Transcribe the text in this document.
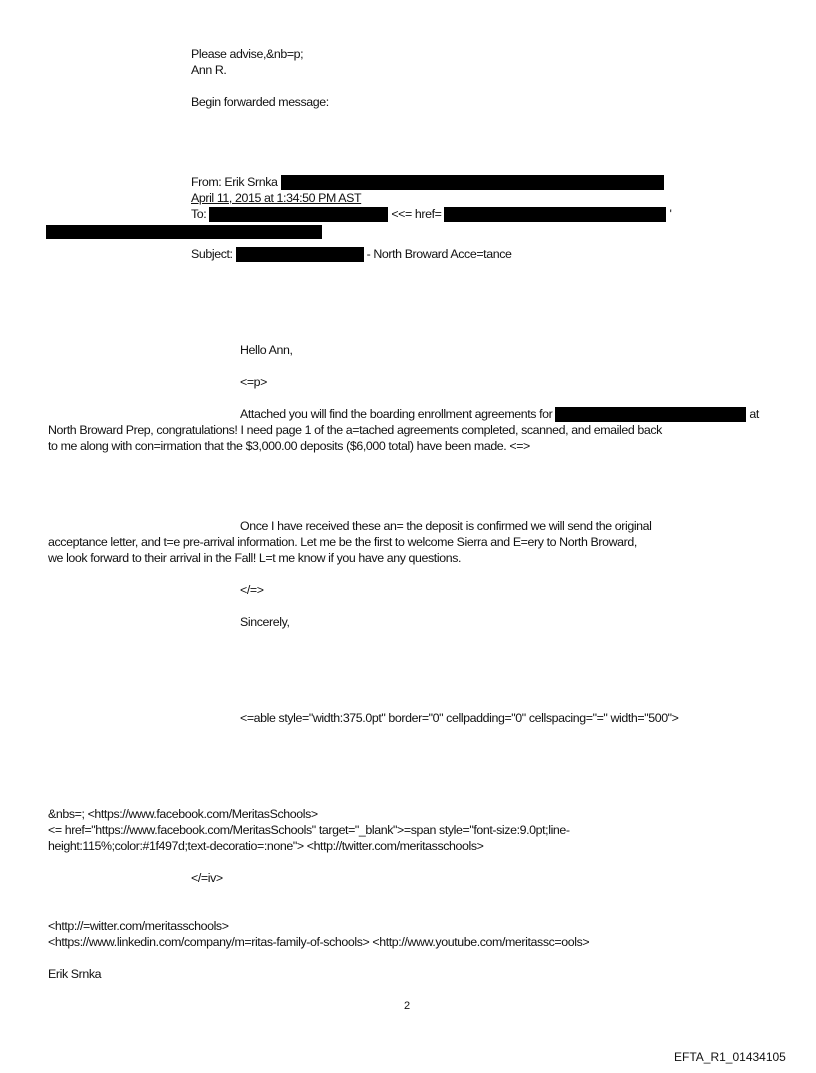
Please advise,&nb=p;
Ann R.
Begin forwarded message:
From: Erik Srnka
April 11, 2015 at 1:34:50 PM AST
To:	<<= href=	'
Subject:	- North Broward Acce=tance
Hello Ann,
<=p>
Attached you will find the boarding enrollment agreements for	at
North Broward Prep, congratulations! I need page 1 of the a=tached agreements completed, scanned, and emailed back
to me along with con=irmation that the $3,000.00 deposits ($6,000 total) have been made. <=>
Once I have received these an= the deposit is confirmed we will send the original
acceptance letter, and t=e pre-arrival information. Let me be the first to welcome Sierra and E=ery to North Broward,
we look forward to their arrival in the Fall! L=t me know if you have any questions.
</=>
Sincerely,
<=able style="width:375.0pt" border="0" cellpadding="0" cellspacing="=" width="500">
&nbs=; <https://www.facebook.com/MeritasSchools>
<= href="https://www.facebook.com/MeritasSchools" target="_blank">=span style="font-size:9.0pt;line-
height:115%;color:#1f497d;text-decoratio=:none"> <http://twitter.com/meritasschools>
</=iv>
<http://=witter.com/meritasschools>
<https://www.linkedin.com/company/m=ritas-family-of-schools> <http://www.youtube.com/meritassc=ools>
Erik Srnka
2
EFTA_R1_01434105
